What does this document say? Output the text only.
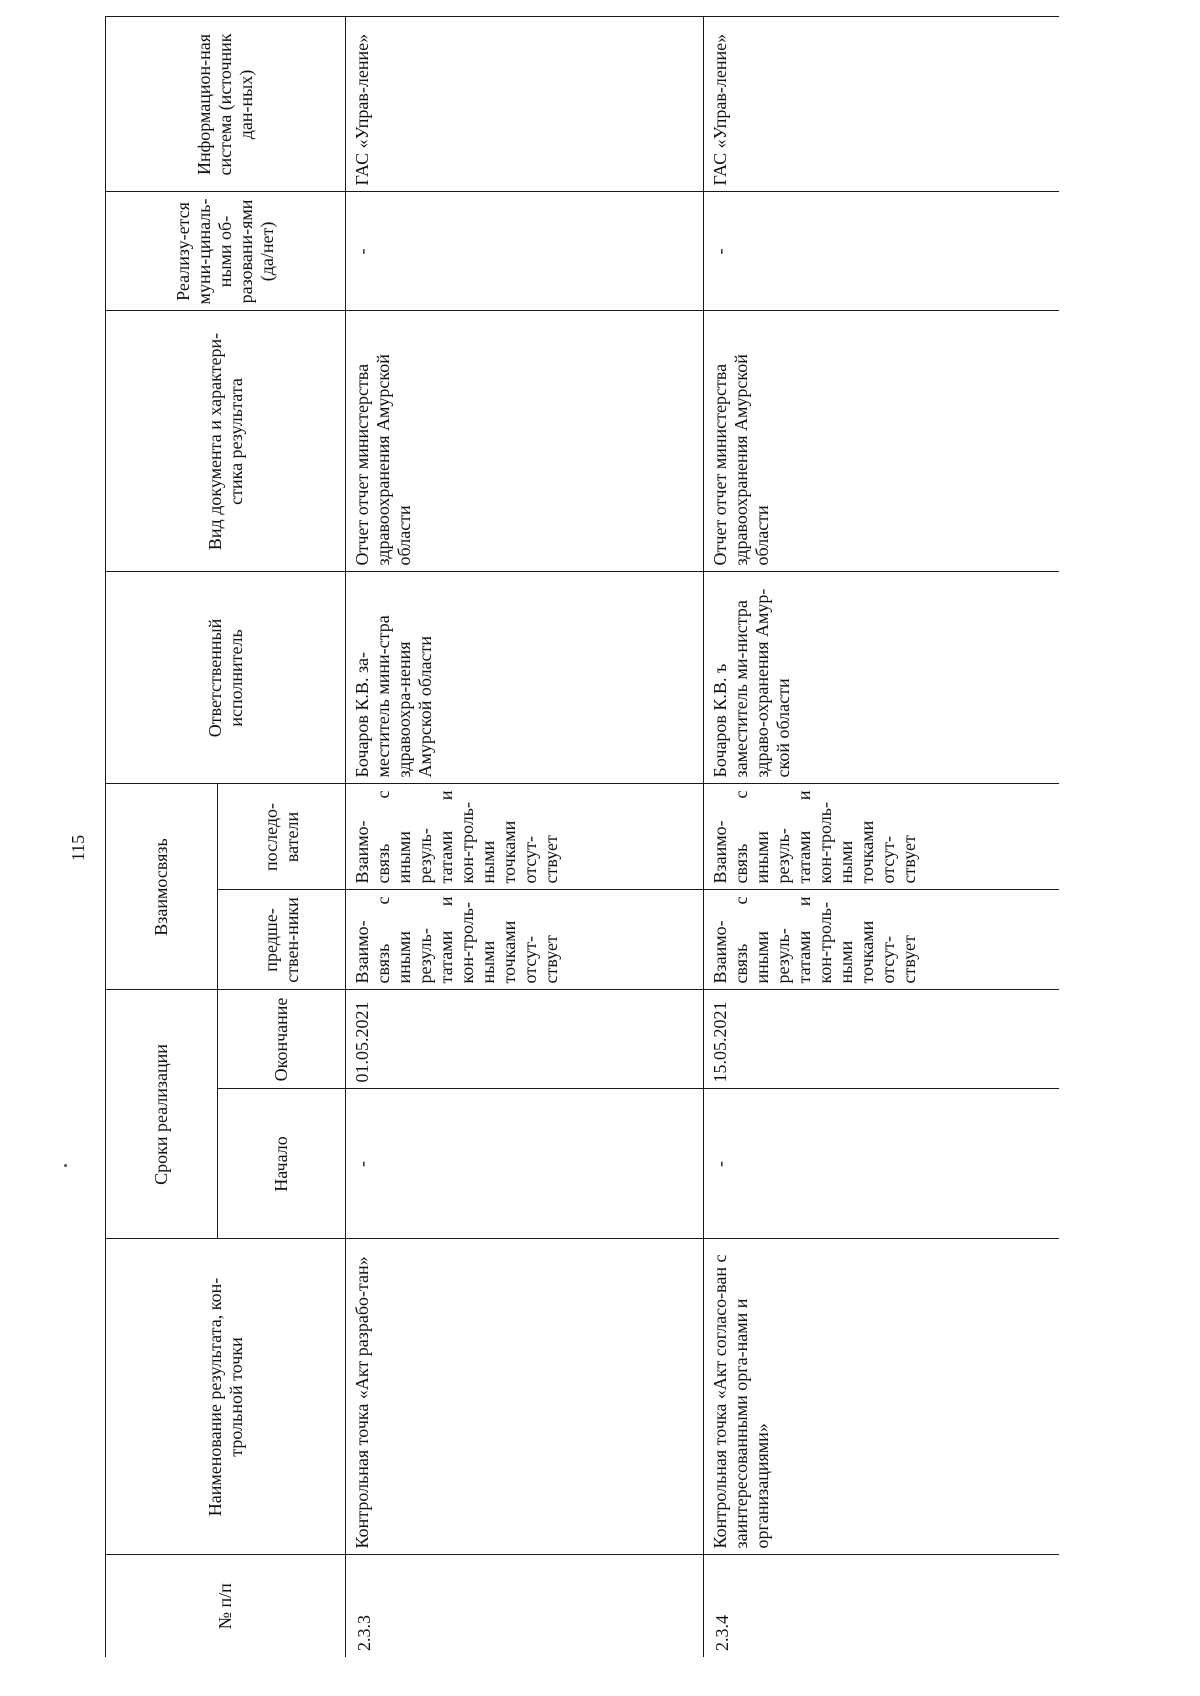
115
№ п/п	Наименование результата, кон-трольной точки	Сроки реализации		Взаимосвязь		Ответственный исполнитель	Вид документа и характери-стика результата	Реализу-ется муни-циналь-ными об-разовани-ями (да/нет)	Информацион-ная система (источник дан-ных)
		Начало	Окончание	предше-ствен-ники	последо-ватели				
2.3.3	Контрольная точка «Акт разрабо-тан»	-	01.05.2021	Взаимо-связь с иными резуль-татами и кон-троль-ными точками отсут-ствует	Взаимо-связь с иными резуль-татами и кон-троль-ными точками отсут-ствует	Бочаров К.В. за-меститель мини-стра здравоохра-нения Амурской области	Отчет отчет министерства здравоохранения Амурской области	-	ГАС «Управ-ление»
2.3.4	Контрольная точка «Акт согласо-ван с заинтересованными орга-нами и организациями»	-	15.05.2021	Взаимо-связь с иными резуль-татами и кон-троль-ными точками отсут-ствует	Взаимо-связь с иными резуль-татами и кон-троль-ными точками отсут-ствует	Бочаров К.В. ъ заместитель ми-нистра здраво-охранения Амур-ской области	Отчет отчет министерства здравоохранения Амурской области	-	ГАС «Управ-ление»
